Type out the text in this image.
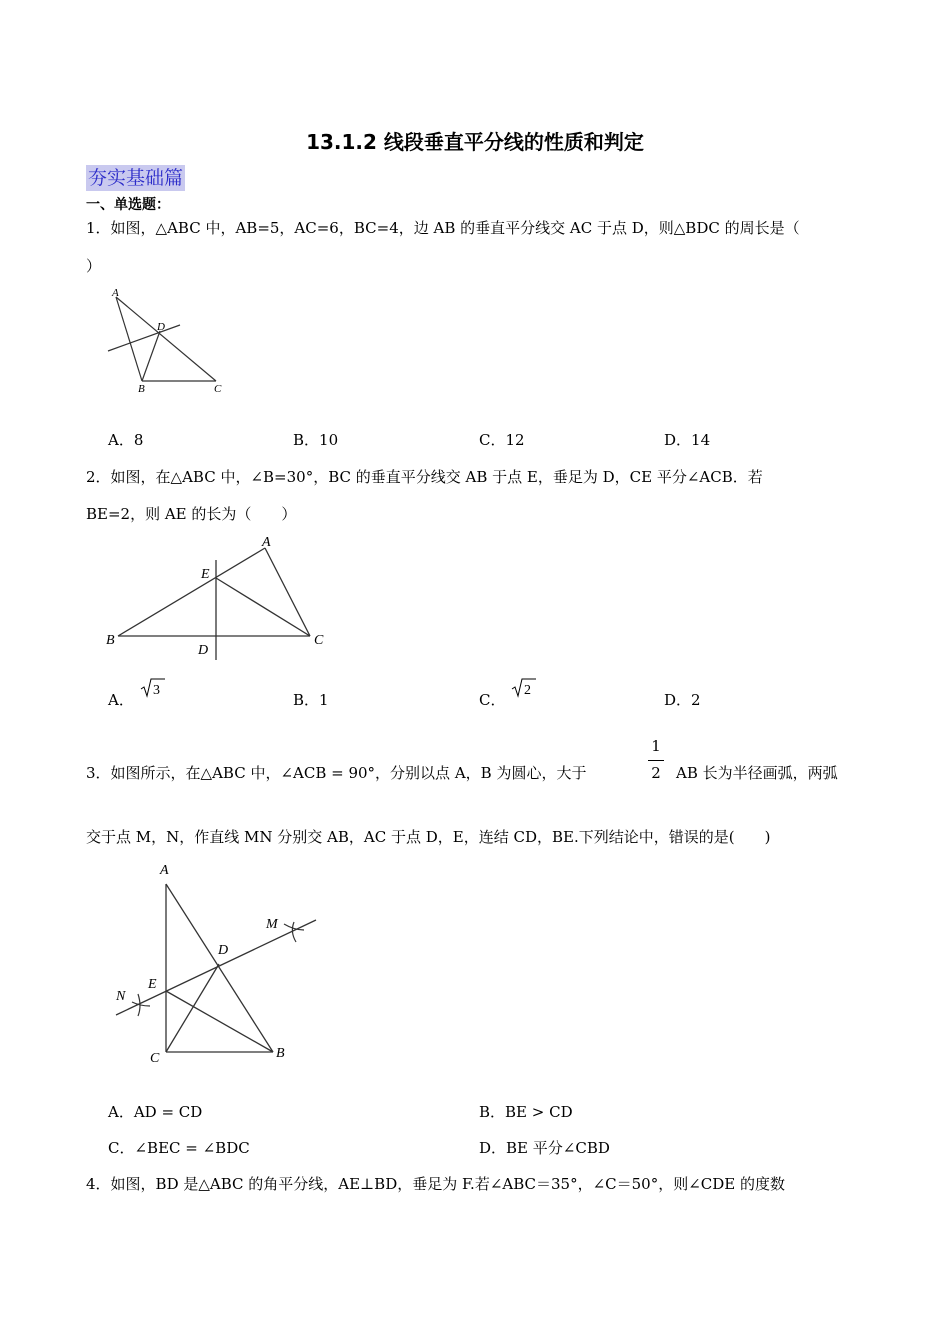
13.1.2 线段垂直平分线的性质和判定
夯实基础篇
一、单选题：
1．如图，△ABC 中，AB=5，AC=6，BC=4，边 AB 的垂直平分线交 AC 于点 D，则△BDC 的周长是（
）
A
B	C
D
A．8	B．10	C．12	D．14
2．如图，在△ABC 中，∠B=30°，BC 的垂直平分线交 AB 于点 E，垂足为 D，CE 平分∠ACB．若
BE=2，则 AE 的长为（　　）
A
B	C
D
E
A．
3
B．1	C．
2
D．2
3．如图所示，在△ABC 中，∠ACB = 90°，分别以点 A，B 为圆心，大于
1
2	AB 长为半径画弧，两弧
交于点 M，N，作直线 MN 分别交 AB，AC 于点 D，E，连结 CD，BE.下列结论中，错误的是(　　)
A
B
C
D
E
M
N
A．AD = CD	B．BE > CD
C．∠BEC = ∠BDC	D．BE 平分∠CBD
4．如图，BD 是△ABC 的角平分线，AE⊥BD，垂足为 F.若∠ABC＝35°，∠C＝50°，则∠CDE 的度数
